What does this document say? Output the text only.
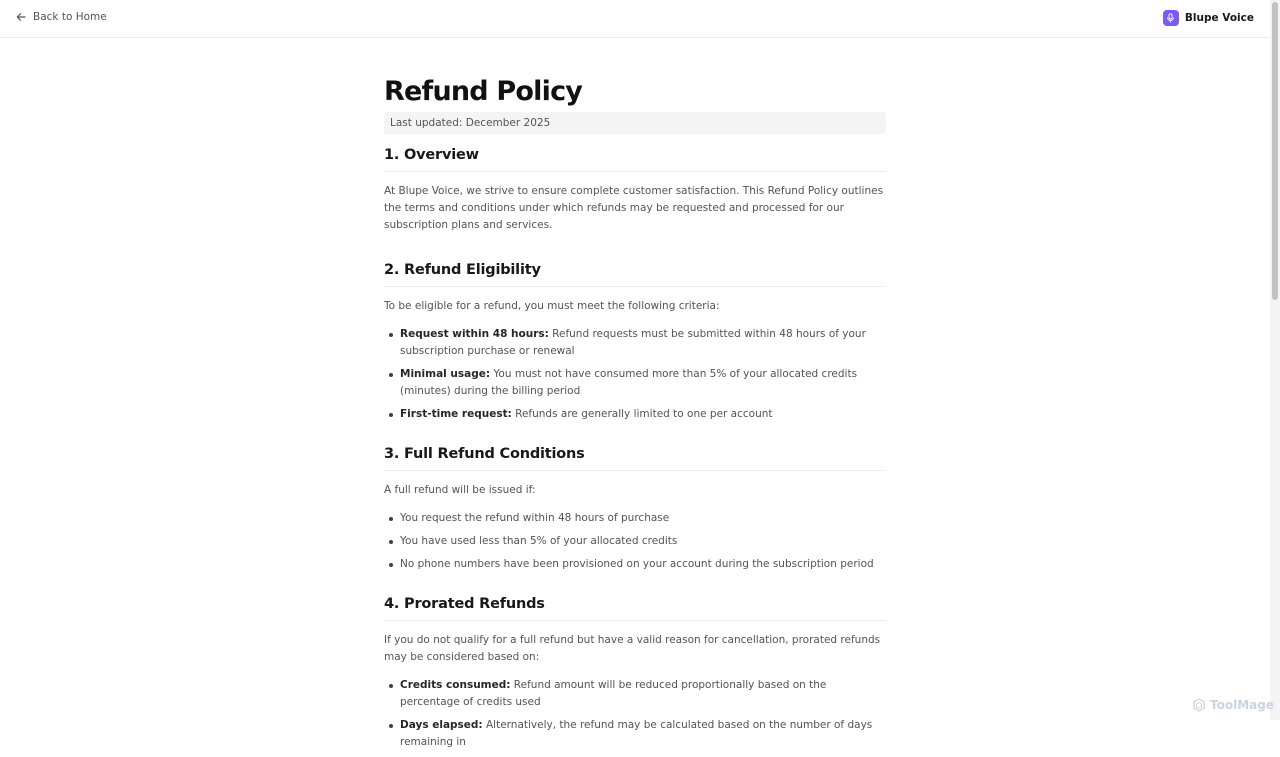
Back to Home	Blupe Voice
Refund Policy
Last updated: December 2025
1. Overview

At Blupe Voice, we strive to ensure complete customer satisfaction. This Refund Policy outlines the terms and conditions under which refunds may be requested and processed for our subscription plans and services.

2. Refund Eligibility

To be eligible for a refund, you must meet the following criteria:

Request within 48 hours: Refund requests must be submitted within 48 hours of your subscription purchase or renewal
Minimal usage: You must not have consumed more than 5% of your allocated credits (minutes) during the billing period
First-time request: Refunds are generally limited to one per account
3. Full Refund Conditions

A full refund will be issued if:

You request the refund within 48 hours of purchase
You have used less than 5% of your allocated credits
No phone numbers have been provisioned on your account during the subscription period
4. Prorated Refunds

If you do not qualify for a full refund but have a valid reason for cancellation, prorated refunds may be considered based on:

Credits consumed: Refund amount will be reduced proportionally based on the percentage of credits used
Days elapsed: Alternatively, the refund may be calculated based on the number of days remaining in
ToolMage
